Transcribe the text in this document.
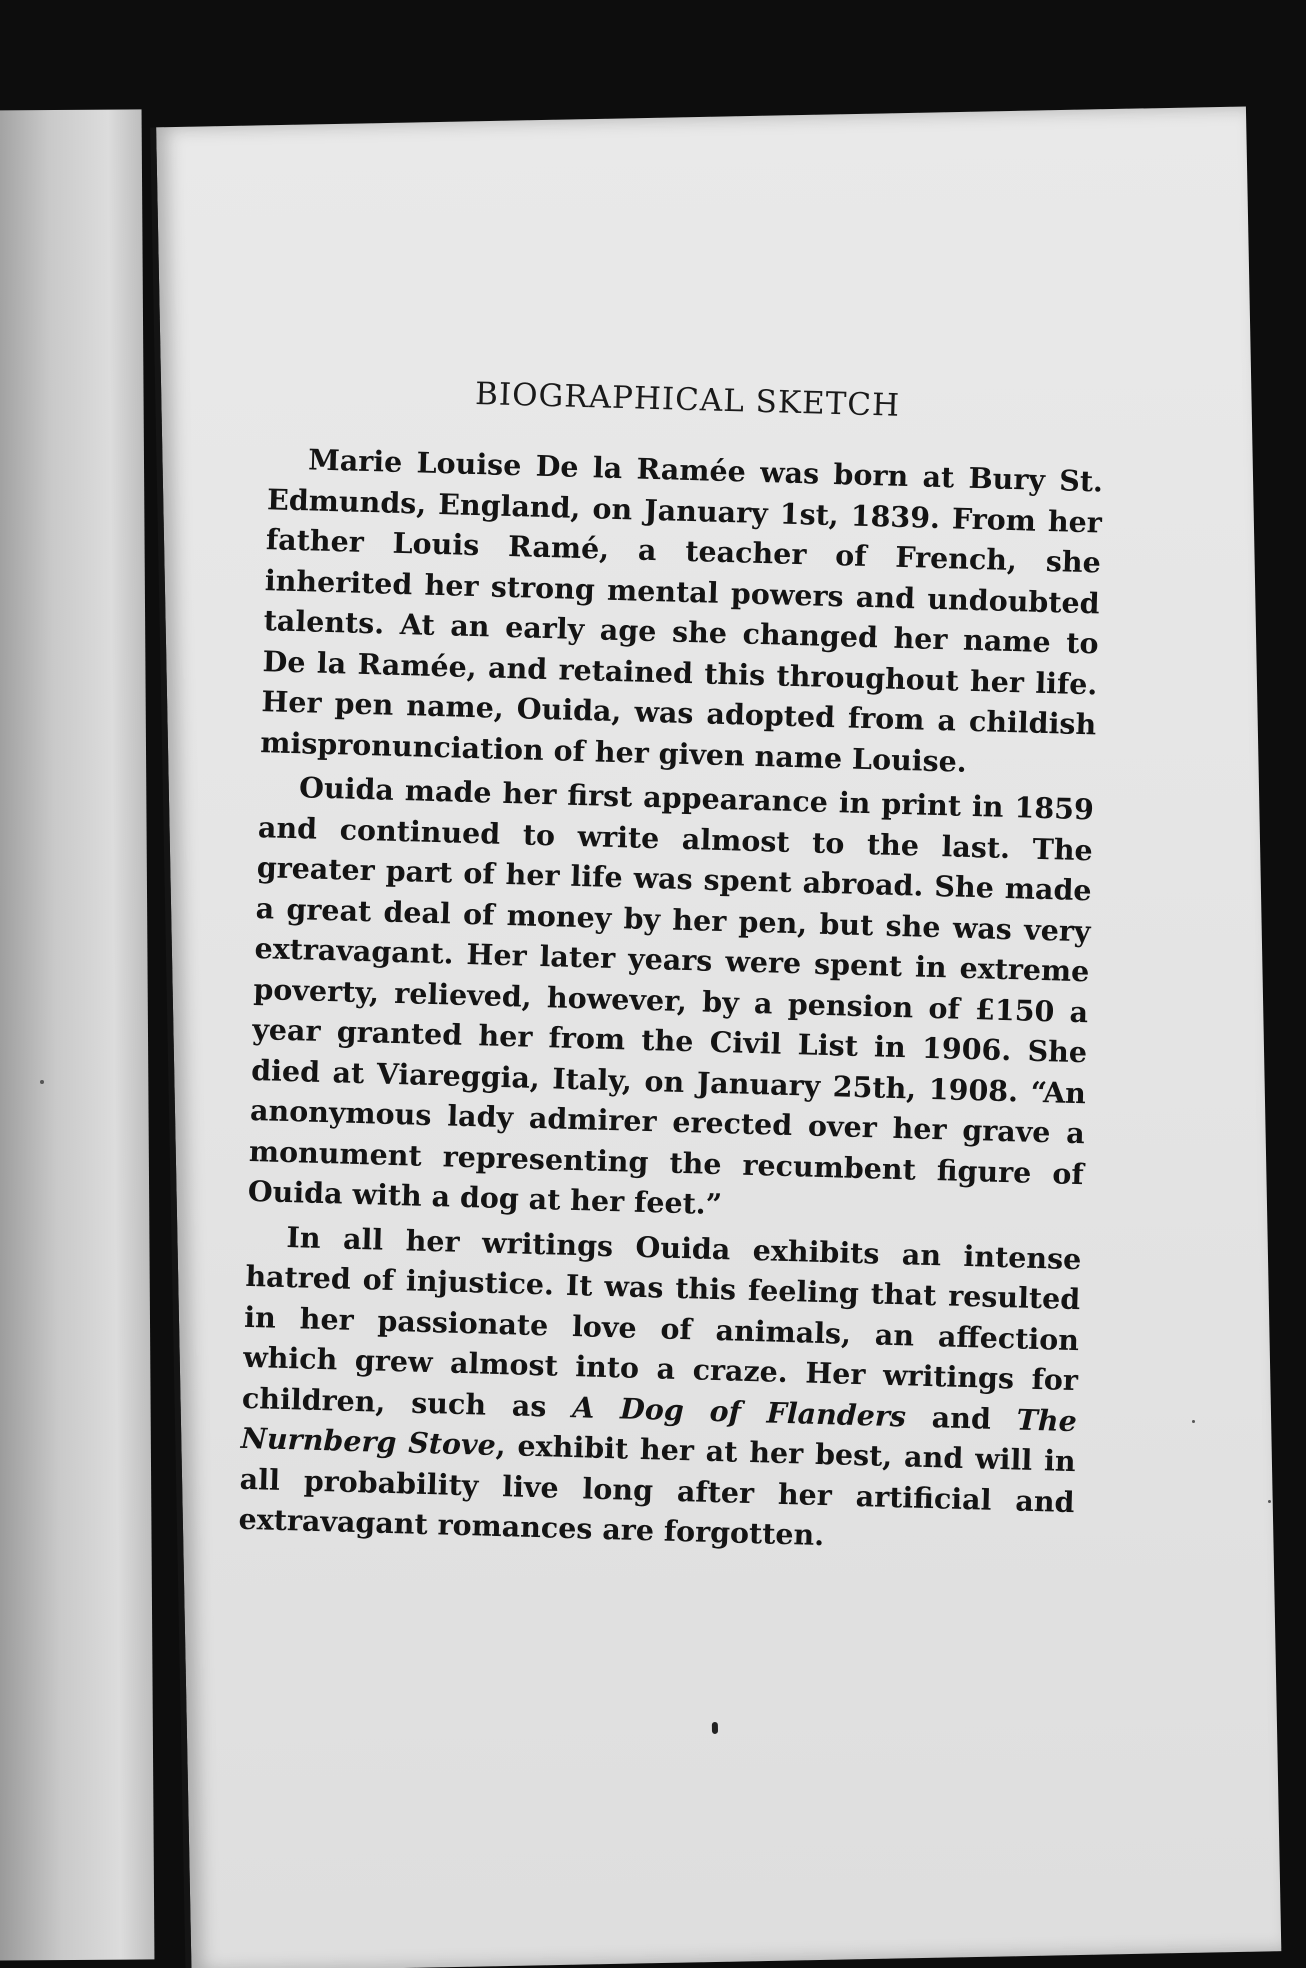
BIOGRAPHICAL SKETCH

Marie Louise De la Ramée was born at Bury St. Edmunds, England, on January 1st, 1839. From her father Louis Ramé, a teacher of French, she inherited her strong mental powers and undoubted talents. At an early age she changed her name to De la Ramée, and retained this throughout her life. Her pen name, Ouida, was adopted from a childish mispronunciation of her given name Louise.

Ouida made her first appearance in print in 1859 and continued to write almost to the last. The greater part of her life was spent abroad. She made a great deal of money by her pen, but she was very extravagant. Her later years were spent in extreme poverty, relieved, however, by a pension of £150 a year granted her from the Civil List in 1906. She died at Viareggia, Italy, on January 25th, 1908. “An anonymous lady admirer erected over her grave a monument representing the recumbent figure of Ouida with a dog at her feet.”

In all her writings Ouida exhibits an intense hatred of injustice. It was this feeling that resulted in her passionate love of animals, an affection which grew almost into a craze. Her writings for children, such as A Dog of Flanders and The Nurnberg Stove, exhibit her at her best, and will in all probability live long after her artificial and extravagant romances are forgotten.
